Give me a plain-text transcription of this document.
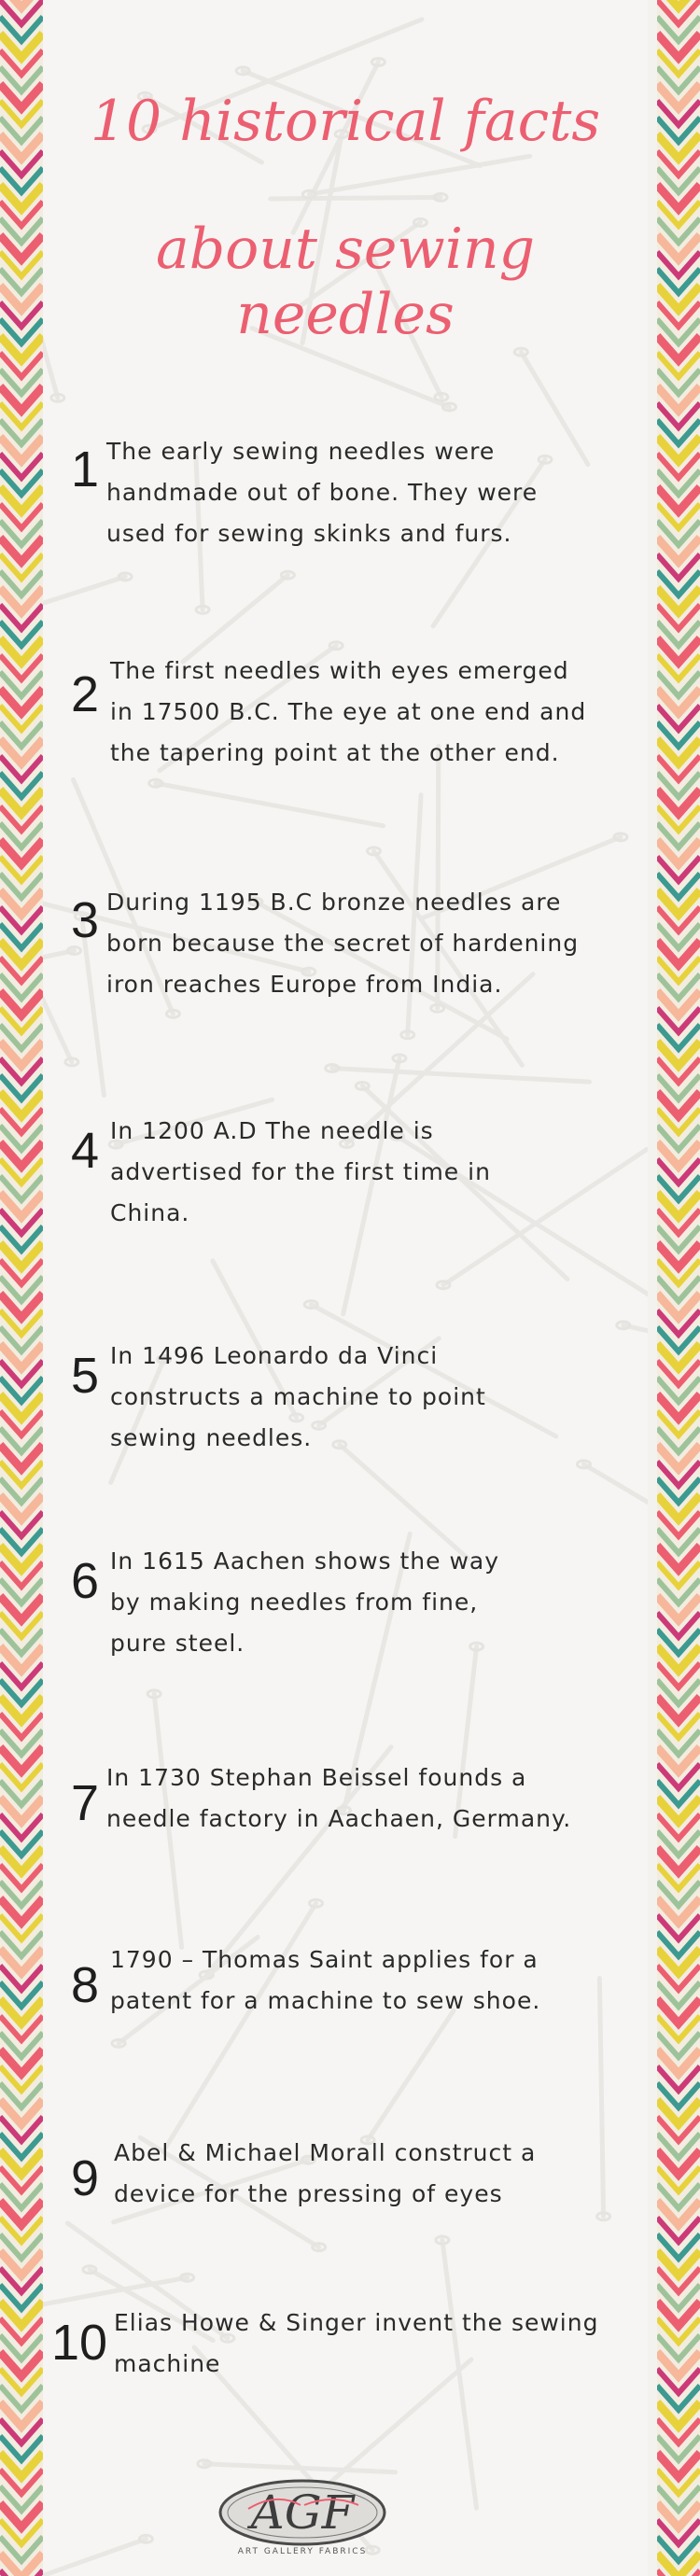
10 historical facts
about sewing needles
1 The early sewing needles were
handmade out of bone. They were
used for sewing skinks and furs.
2 The first needles with eyes emerged
in 17500 B.C. The eye at one end and
the tapering point at the other end.
3 During 1195 B.C bronze needles are
born because the secret of hardening
iron reaches Europe from India.
4 In 1200 A.D The needle is
advertised for the first time in
China.
5 In 1496 Leonardo da Vinci
constructs a machine to point
sewing needles.
6 In 1615 Aachen shows the way
by making needles from fine,
pure steel.
7 In 1730 Stephan Beissel founds a
needle factory in Aachaen, Germany.
8 1790 – Thomas Saint applies for a
patent for a machine to sew shoe.
9 Abel & Michael Morall construct a
device for the pressing of eyes
10 Elias Howe & Singer invent the sewing
machine
AGF
ART GALLERY FABRICS
